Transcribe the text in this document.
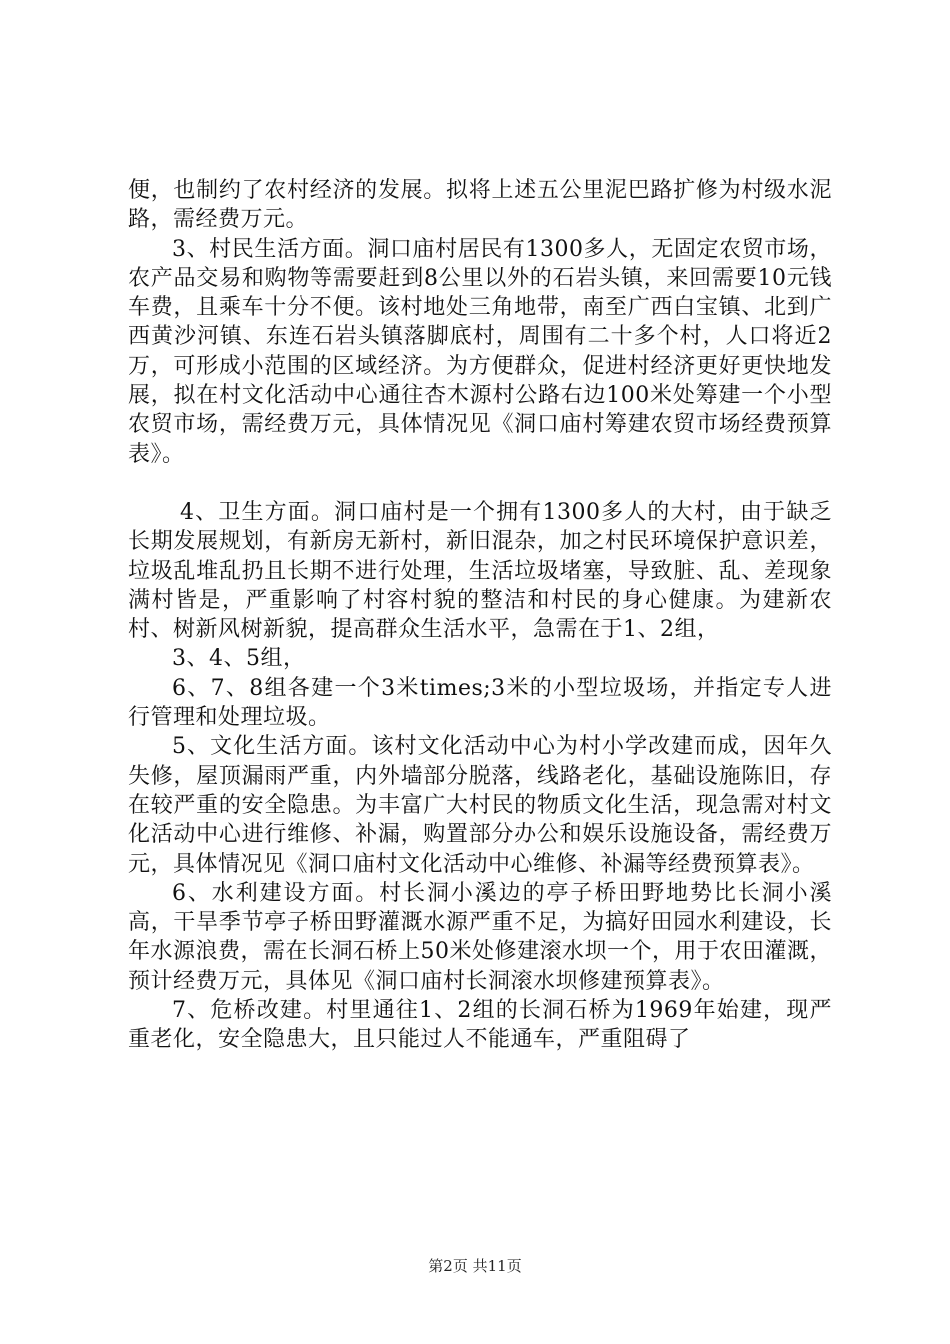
便，也制约了农村经济的发展。拟将上述五公里泥巴路扩修为村级水泥路，需经费万元。

3、村民生活方面。洞口庙村居民有1300多人，无固定农贸市场，农产品交易和购物等需要赶到8公里以外的石岩头镇，来回需要10元钱车费，且乘车十分不便。该村地处三角地带，南至广西白宝镇、北到广西黄沙河镇、东连石岩头镇落脚底村，周围有二十多个村，人口将近2万，可形成小范围的区域经济。为方便群众，促进村经济更好更快地发展，拟在村文化活动中心通往杏木源村公路右边100米处筹建一个小型农贸市场，需经费万元，具体情况见《洞口庙村筹建农贸市场经费预算表》。

4、卫生方面。洞口庙村是一个拥有1300多人的大村，由于缺乏长期发展规划，有新房无新村，新旧混杂，加之村民环境保护意识差，垃圾乱堆乱扔且长期不进行处理，生活垃圾堵塞，导致脏、乱、差现象满村皆是，严重影响了村容村貌的整洁和村民的身心健康。为建新农村、树新风树新貌，提高群众生活水平，急需在于1、2组，

3、4、5组，

6、7、8组各建一个3米times;3米的小型垃圾场，并指定专人进行管理和处理垃圾。

5、文化生活方面。该村文化活动中心为村小学改建而成，因年久失修，屋顶漏雨严重，内外墙部分脱落，线路老化，基础设施陈旧，存在较严重的安全隐患。为丰富广大村民的物质文化生活，现急需对村文化活动中心进行维修、补漏，购置部分办公和娱乐设施设备，需经费万元，具体情况见《洞口庙村文化活动中心维修、补漏等经费预算表》。

6、水利建设方面。村长洞小溪边的亭子桥田野地势比长洞小溪高，干旱季节亭子桥田野灌溉水源严重不足，为搞好田园水利建设，长年水源浪费，需在长洞石桥上50米处修建滚水坝一个，用于农田灌溉，预计经费万元，具体见《洞口庙村长洞滚水坝修建预算表》。

7、危桥改建。村里通往1、2组的长洞石桥为1969年始建，现严重老化，安全隐患大，且只能过人不能通车，严重阻碍了

第2页 共11页
